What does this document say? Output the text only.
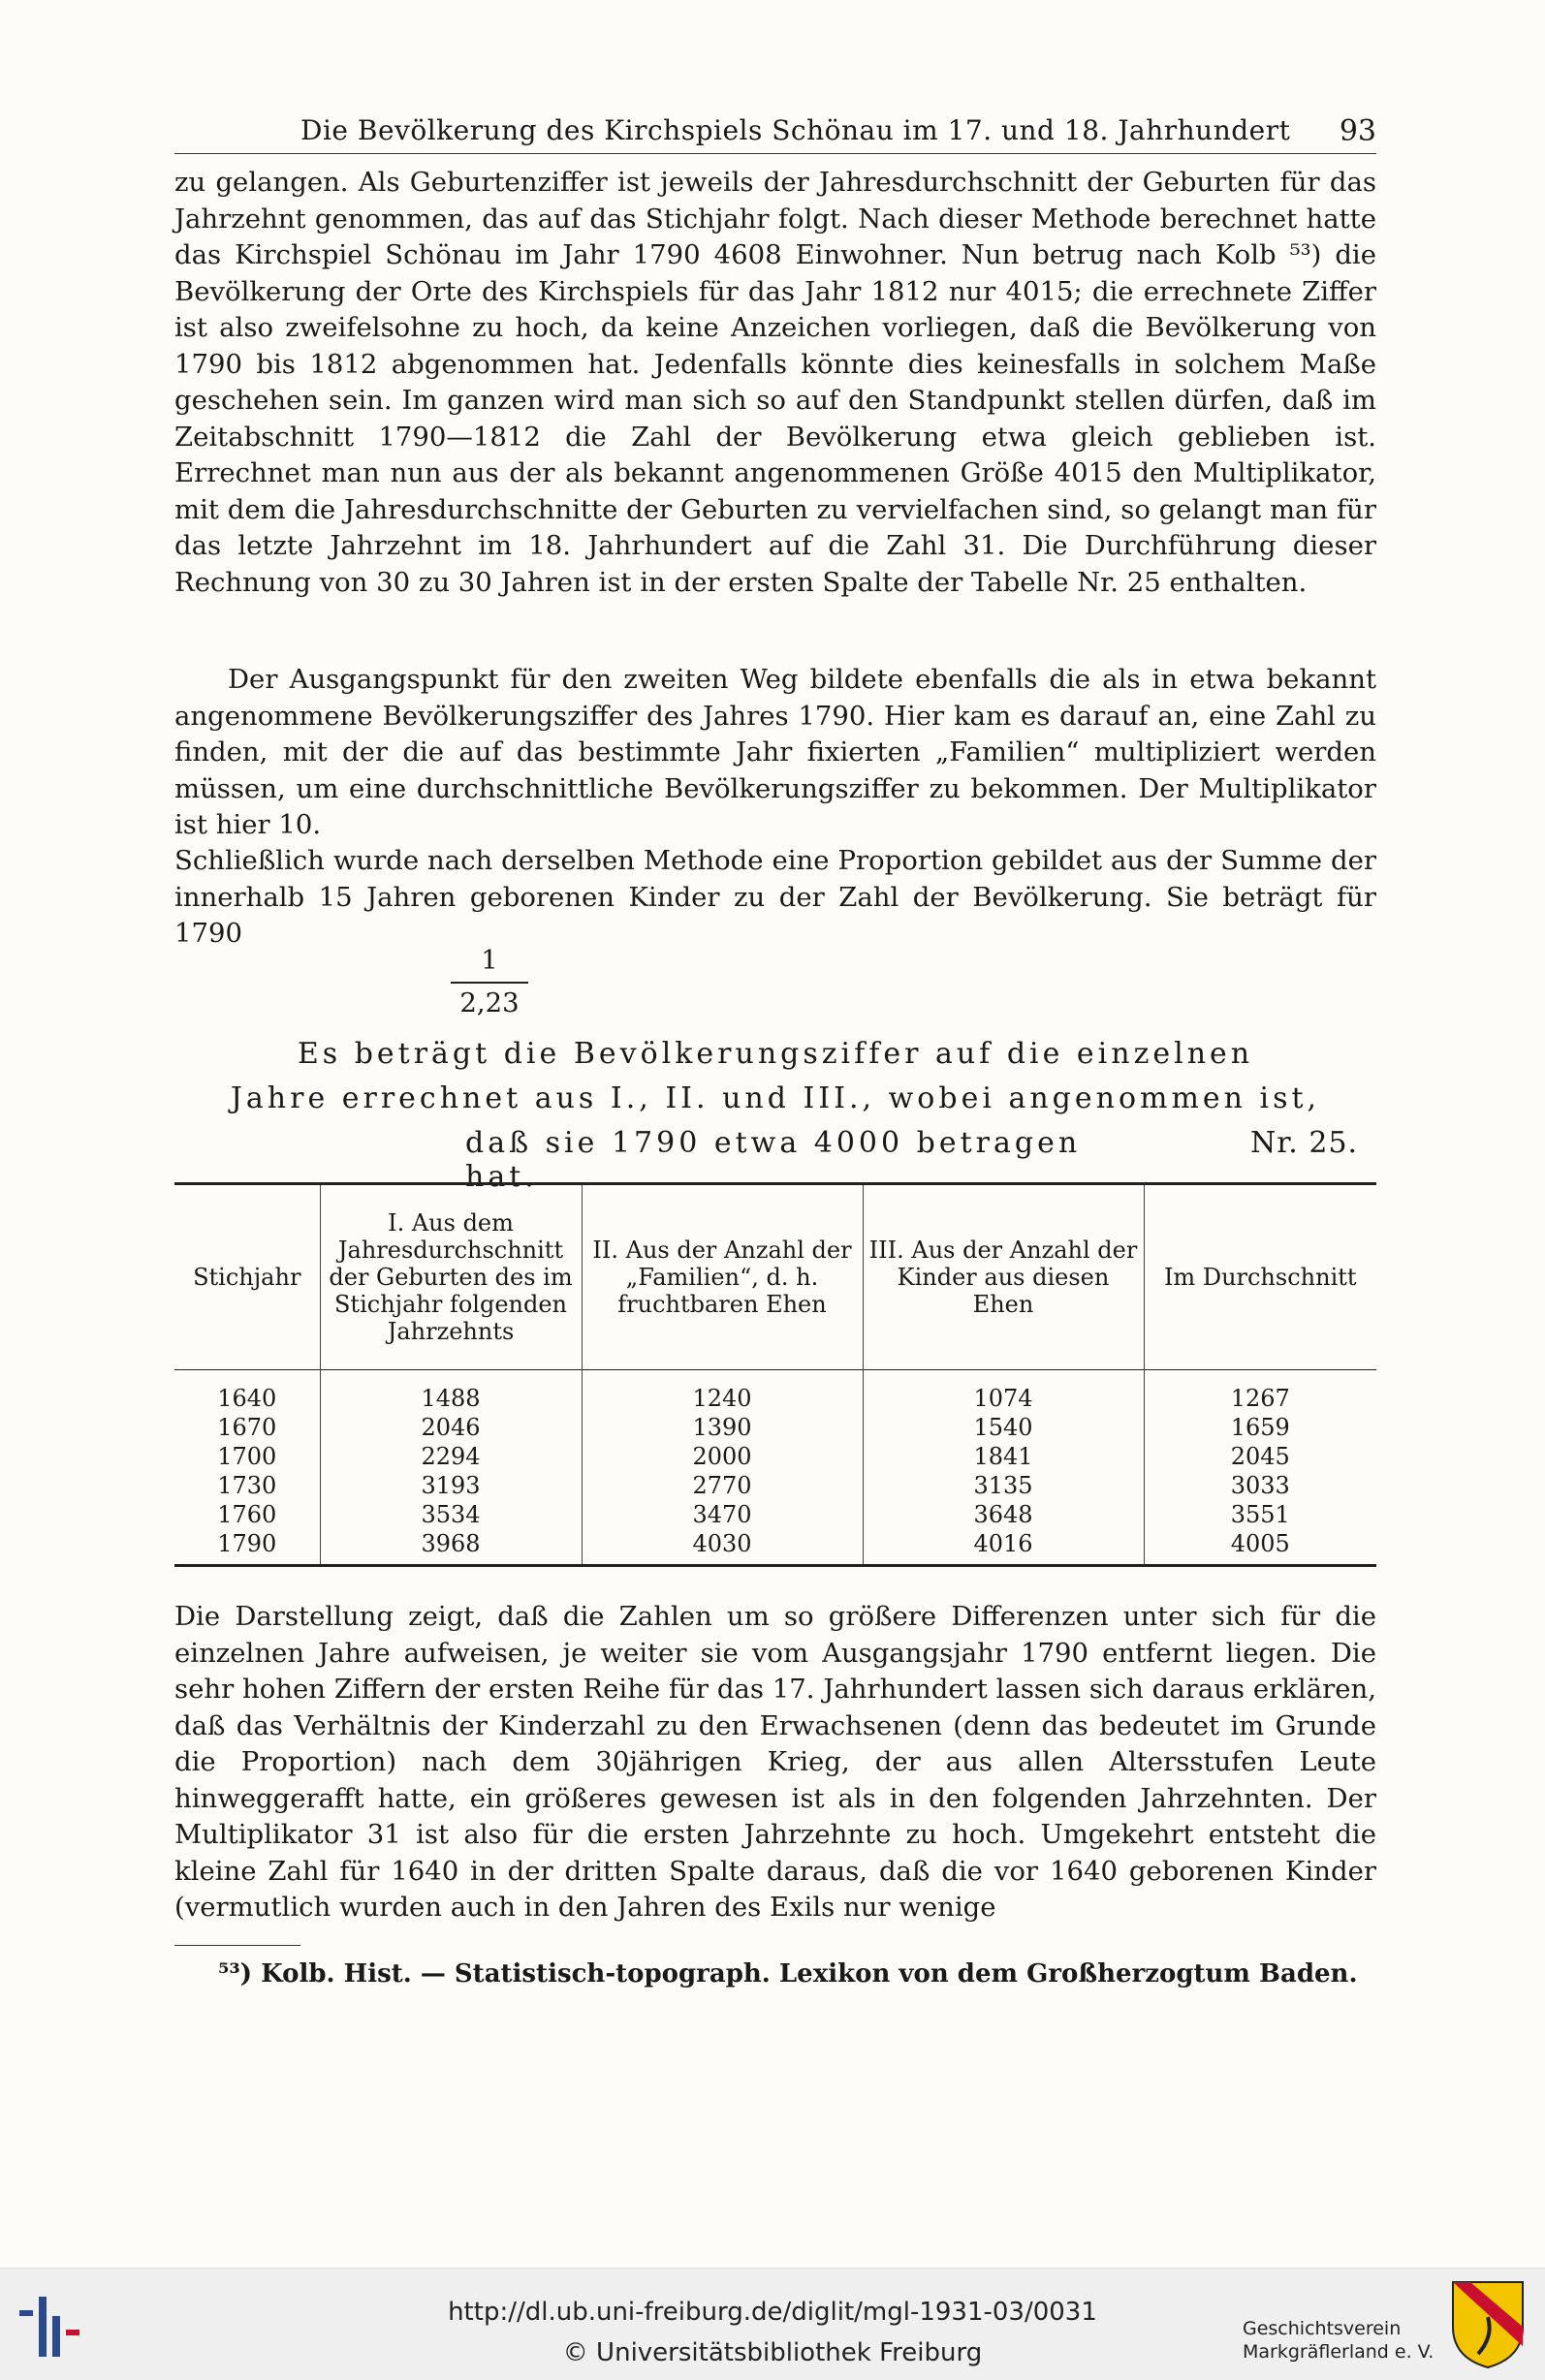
Die Bevölkerung des Kirchspiels Schönau im 17. und 18. Jahrhundert 93

zu gelangen. Als Geburtenziffer ist jeweils der Jahresdurchschnitt der Geburten für das Jahrzehnt genommen, das auf das Stichjahr folgt. Nach dieser Methode berechnet hatte das Kirchspiel Schönau im Jahr 1790 4608 Einwohner. Nun betrug nach Kolb ⁵³) die Bevölkerung der Orte des Kirchspiels für das Jahr 1812 nur 4015; die errechnete Ziffer ist also zweifelsohne zu hoch, da keine Anzeichen vorliegen, daß die Bevölkerung von 1790 bis 1812 abgenommen hat. Jedenfalls könnte dies keinesfalls in solchem Maße geschehen sein. Im ganzen wird man sich so auf den Standpunkt stellen dürfen, daß im Zeitabschnitt 1790—1812 die Zahl der Bevölkerung etwa gleich geblieben ist. Errechnet man nun aus der als bekannt angenommenen Größe 4015 den Multiplikator, mit dem die Jahresdurchschnitte der Geburten zu vervielfachen sind, so gelangt man für das letzte Jahrzehnt im 18. Jahrhundert auf die Zahl 31. Die Durchführung dieser Rechnung von 30 zu 30 Jahren ist in der ersten Spalte der Tabelle Nr. 25 enthalten.

Der Ausgangspunkt für den zweiten Weg bildete ebenfalls die als in etwa bekannt angenommene Bevölkerungsziffer des Jahres 1790. Hier kam es darauf an, eine Zahl zu finden, mit der die auf das bestimmte Jahr fixierten „Familien“ multipliziert werden müssen, um eine durchschnittliche Bevölkerungsziffer zu bekommen. Der Multiplikator ist hier 10.

Schließlich wurde nach derselben Methode eine Proportion gebildet aus der Summe der innerhalb 15 Jahren geborenen Kinder zu der Zahl der Bevölkerung. Sie beträgt für 1790

1
2,23
Es beträgt die Bevölkerungsziffer auf die einzelnen
Jahre errechnet aus I., II. und III., wobei angenommen ist,
daß sie 1790 etwa 4000 betragen hat.
Nr. 25.
Stichjahr	I. Aus dem Jahresdurchschnitt der Geburten des im Stichjahr folgenden Jahrzehnts	II. Aus der Anzahl der „Familien“, d. h. fruchtbaren Ehen	III. Aus der Anzahl der Kinder aus diesen Ehen	Im Durchschnitt
1640	1488	1240	1074	1267
1670	2046	1390	1540	1659
1700	2294	2000	1841	2045
1730	3193	2770	3135	3033
1760	3534	3470	3648	3551
1790	3968	4030	4016	4005

Die Darstellung zeigt, daß die Zahlen um so größere Differenzen unter sich für die einzelnen Jahre aufweisen, je weiter sie vom Ausgangsjahr 1790 entfernt liegen. Die sehr hohen Ziffern der ersten Reihe für das 17. Jahrhundert lassen sich daraus erklären, daß das Verhältnis der Kinderzahl zu den Erwachsenen (denn das bedeutet im Grunde die Proportion) nach dem 30jährigen Krieg, der aus allen Altersstufen Leute hinweggerafft hatte, ein größeres gewesen ist als in den folgenden Jahrzehnten. Der Multiplikator 31 ist also für die ersten Jahrzehnte zu hoch. Umgekehrt entsteht die kleine Zahl für 1640 in der dritten Spalte daraus, daß die vor 1640 geborenen Kinder (vermutlich wurden auch in den Jahren des Exils nur wenige

⁵³) Kolb. Hist. — Statistisch-topograph. Lexikon von dem Großherzogtum Baden.
http://dl.ub.uni-freiburg.de/diglit/mgl-1931-03/0031
© Universitätsbibliothek Freiburg
Geschichtsverein
Markgräflerland e. V.
